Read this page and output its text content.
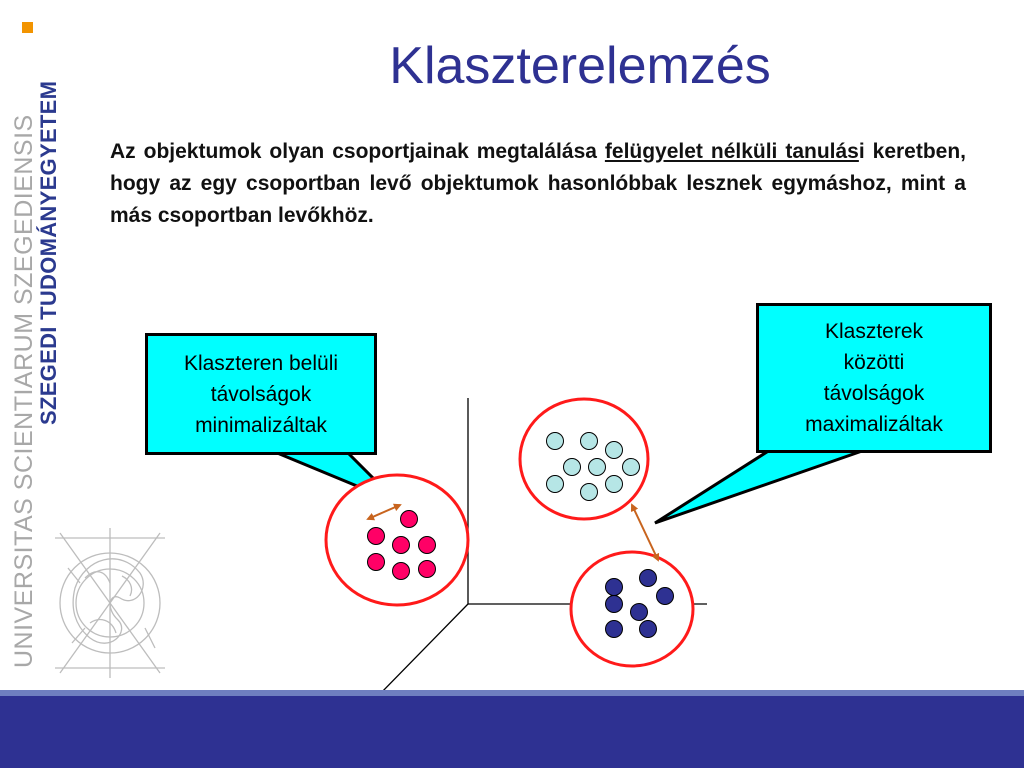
SZEGEDI TUDOMÁNYEGYETEM
UNIVERSITAS SCIENTIARUM SZEGEDIENSIS
Klaszterelemzés

Az objektumok olyan csoportjainak megtalálása felügyelet nélküli tanulási keretben, hogy az egy csoportban levő objektumok hasonlóbbak lesznek egymáshoz, mint a más csoportban levőkhöz.

Klaszteren belüli
távolságok
minimalizáltak
Klaszterek
közötti
távolságok
maximalizáltak
